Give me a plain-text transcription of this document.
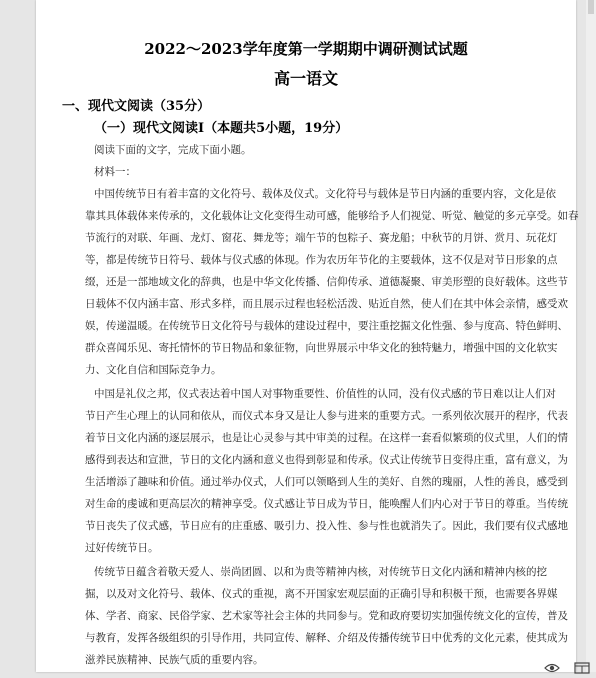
2022～2023学年度第一学期期中调研测试试题
高一语文
一、现代文阅读（35分）
（一）现代文阅读Ⅰ（本题共5小题，19分）
阅读下面的文字，完成下面小题。
材料一：
中国传统节日有着丰富的文化符号、载体及仪式。文化符号与载体是节日内涵的重要内容，文化是依
靠其具体载体来传承的，文化载体让文化变得生动可感，能够给予人们视觉、听觉、触觉的多元享受。如春
节流行的对联、年画、龙灯、窗花、舞龙等；端午节的包粽子、赛龙船；中秋节的月饼、赏月、玩花灯
等，都是传统节日符号、载体与仪式感的体现。作为农历年节化的主要载体，这不仅是对节日形象的点
缀，还是一部地域文化的辞典，也是中华文化传播、信仰传承、道德凝聚、审美形塑的良好载体。这些节
日载体不仅内涵丰富、形式多样，而且展示过程也轻松活泼、贴近自然，使人们在其中体会亲情，感受欢
娱，传递温暖。在传统节日文化符号与载体的建设过程中，要注重挖掘文化性强、参与度高、特色鲜明、
群众喜闻乐见、寄托情怀的节日物品和象征物，向世界展示中华文化的独特魅力，增强中国的文化软实
力、文化自信和国际竞争力。
中国是礼仪之邦，仪式表达着中国人对事物重要性、价值性的认同，没有仪式感的节日难以让人们对
节日产生心理上的认同和依从，而仪式本身又是让人参与进来的重要方式。一系列依次展开的程序，代表
着节日文化内涵的逐层展示，也是让心灵参与其中审美的过程。在这样一套看似繁琐的仪式里，人们的情
感得到表达和宣泄，节日的文化内涵和意义也得到彰显和传承。仪式让传统节日变得庄重，富有意义，为
生活增添了趣味和价值。通过举办仪式，人们可以领略到人生的美好、自然的瑰丽，人性的善良，感受到
对生命的虔诚和更高层次的精神享受。仪式感让节日成为节日，能唤醒人们内心对于节日的尊重。当传统
节日丧失了仪式感，节日应有的庄重感、吸引力、投入性、参与性也就消失了。因此，我们要有仪式感地
过好传统节日。
传统节日蕴含着敬天爱人、崇尚团圆、以和为贵等精神内核，对传统节日文化内涵和精神内核的挖
掘，以及对文化符号、载体、仪式的重视，离不开国家宏观层面的正确引导和积极干预，也需要各界媒
体、学者、商家、民俗学家、艺术家等社会主体的共同参与。党和政府要切实加强传统文化的宣传，普及
与教育，发挥各级组织的引导作用，共同宣传、解释、介绍及传播传统节日中优秀的文化元素，使其成为
滋养民族精神、民族气质的重要内容。
